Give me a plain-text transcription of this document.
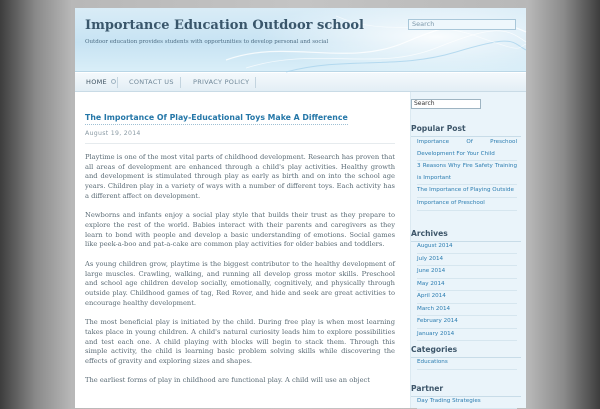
Importance Education Outdoor school
Outdoor education provides students with opportunities to develop personal and social
Search
HOME	CONTACT US	PRIVACY POLICY
The Importance Of Play-Educational Toys Make A Difference
August 19, 2014

Playtime is one of the most vital parts of childhood development. Research has proven that all areas of development are enhanced through a child's play activities. Healthy growth and development is stimulated through play as early as birth and on into the school age years. Children play in a variety of ways with a number of different toys. Each activity has a different affect on development.

Newborns and infants enjoy a social play style that builds their trust as they prepare to explore the rest of the world. Babies interact with their parents and caregivers as they learn to bond with people and develop a basic understanding of emotions. Social games like peek-a-boo and pat-a-cake are common play activities for older babies and toddlers.

As young children grow, playtime is the biggest contributor to the healthy development of large muscles. Crawling, walking, and running all develop gross motor skills. Preschool and school age children develop socially, emotionally, cognitively, and physically through outside play. Childhood games of tag, Red Rover, and hide and seek are great activities to encourage healthy development.

The most beneficial play is initiated by the child. During free play is when most learning takes place in young children. A child's natural curiosity leads him to explore possibilities and test each one. A child playing with blocks will begin to stack them. Through this simple activity, the child is learning basic problem solving skills while discovering the effects of gravity and exploring sizes and shapes.

The earliest forms of play in childhood are functional play. A child will use an object

Search
Popular Post
Importance Of Preschool Development For Your Child
3 Reasons Why Fire Safety Training is Important
The Importance of Playing Outside
Importance of Preschool
Archives
August 2014
July 2014
June 2014
May 2014
April 2014
March 2014
February 2014
January 2014
Categories
Educations
Partner
Day Trading Strategies
